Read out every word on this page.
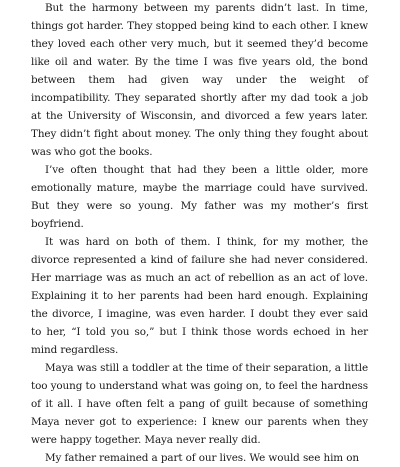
But the harmony between my parents didn’t last. In time, things got harder. They stopped being kind to each other. I knew they loved each other very much, but it seemed they’d become like oil and water. By the time I was five years old, the bond between them had given way under the weight of incompatibility. They separated shortly after my dad took a job at the University of Wisconsin, and divorced a few years later. They didn’t fight about money. The only thing they fought about was who got the books.

I’ve often thought that had they been a little older, more emotionally mature, maybe the marriage could have survived. But they were so young. My father was my mother’s first boyfriend.

It was hard on both of them. I think, for my mother, the divorce represented a kind of failure she had never considered. Her marriage was as much an act of rebellion as an act of love. Explaining it to her parents had been hard enough. Explaining the divorce, I imagine, was even harder. I doubt they ever said to her, “I told you so,” but I think those words echoed in her mind regardless.

Maya was still a toddler at the time of their separation, a little too young to understand what was going on, to feel the hardness of it all. I have often felt a pang of guilt because of something Maya never got to experience: I knew our parents when they were happy together. Maya never really did.

My father remained a part of our lives. We would see him on
